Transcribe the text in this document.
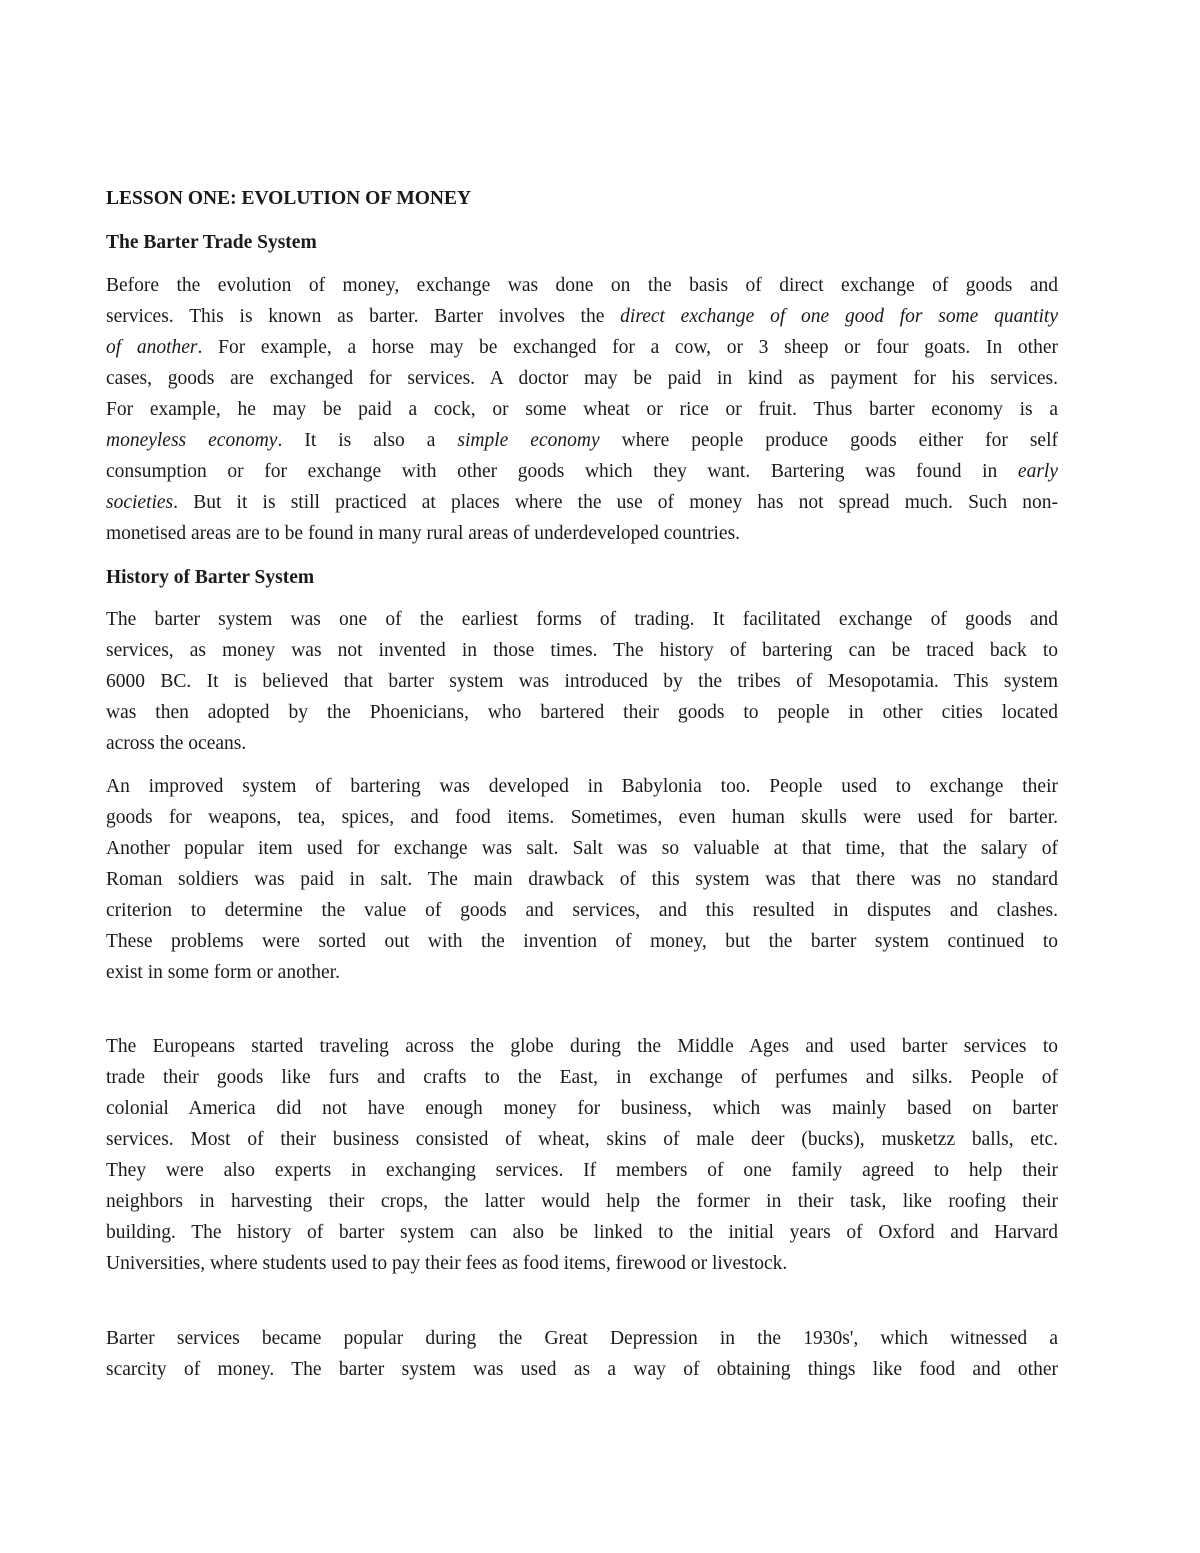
LESSON ONE: EVOLUTION OF MONEY
The Barter Trade System
Before the evolution of money, exchange was done on the basis of direct exchange of goods and
services. This is known as barter. Barter involves the direct exchange of one good for some quantity
of another. For example, a horse may be exchanged for a cow, or 3 sheep or four goats. In other
cases, goods are exchanged for services. A doctor may be paid in kind as payment for his services.
For example, he may be paid a cock, or some wheat or rice or fruit. Thus barter economy is a
moneyless economy. It is also a simple economy where people produce goods either for self
consumption or for exchange with other goods which they want. Bartering was found in early
societies. But it is still practiced at places where the use of money has not spread much. Such non-
monetised areas are to be found in many rural areas of underdeveloped countries.
History of Barter System
The barter system was one of the earliest forms of trading. It facilitated exchange of goods and
services, as money was not invented in those times. The history of bartering can be traced back to
6000 BC. It is believed that barter system was introduced by the tribes of Mesopotamia. This system
was then adopted by the Phoenicians, who bartered their goods to people in other cities located
across the oceans.
An improved system of bartering was developed in Babylonia too. People used to exchange their
goods for weapons, tea, spices, and food items. Sometimes, even human skulls were used for barter.
Another popular item used for exchange was salt. Salt was so valuable at that time, that the salary of
Roman soldiers was paid in salt. The main drawback of this system was that there was no standard
criterion to determine the value of goods and services, and this resulted in disputes and clashes.
These problems were sorted out with the invention of money, but the barter system continued to
exist in some form or another.
The Europeans started traveling across the globe during the Middle Ages and used barter services to
trade their goods like furs and crafts to the East, in exchange of perfumes and silks. People of
colonial America did not have enough money for business, which was mainly based on barter
services. Most of their business consisted of wheat, skins of male deer (bucks), musketzz balls, etc.
They were also experts in exchanging services. If members of one family agreed to help their
neighbors in harvesting their crops, the latter would help the former in their task, like roofing their
building. The history of barter system can also be linked to the initial years of Oxford and Harvard
Universities, where students used to pay their fees as food items, firewood or livestock.
Barter services became popular during the Great Depression in the 1930s', which witnessed a
scarcity of money. The barter system was used as a way of obtaining things like food and other
